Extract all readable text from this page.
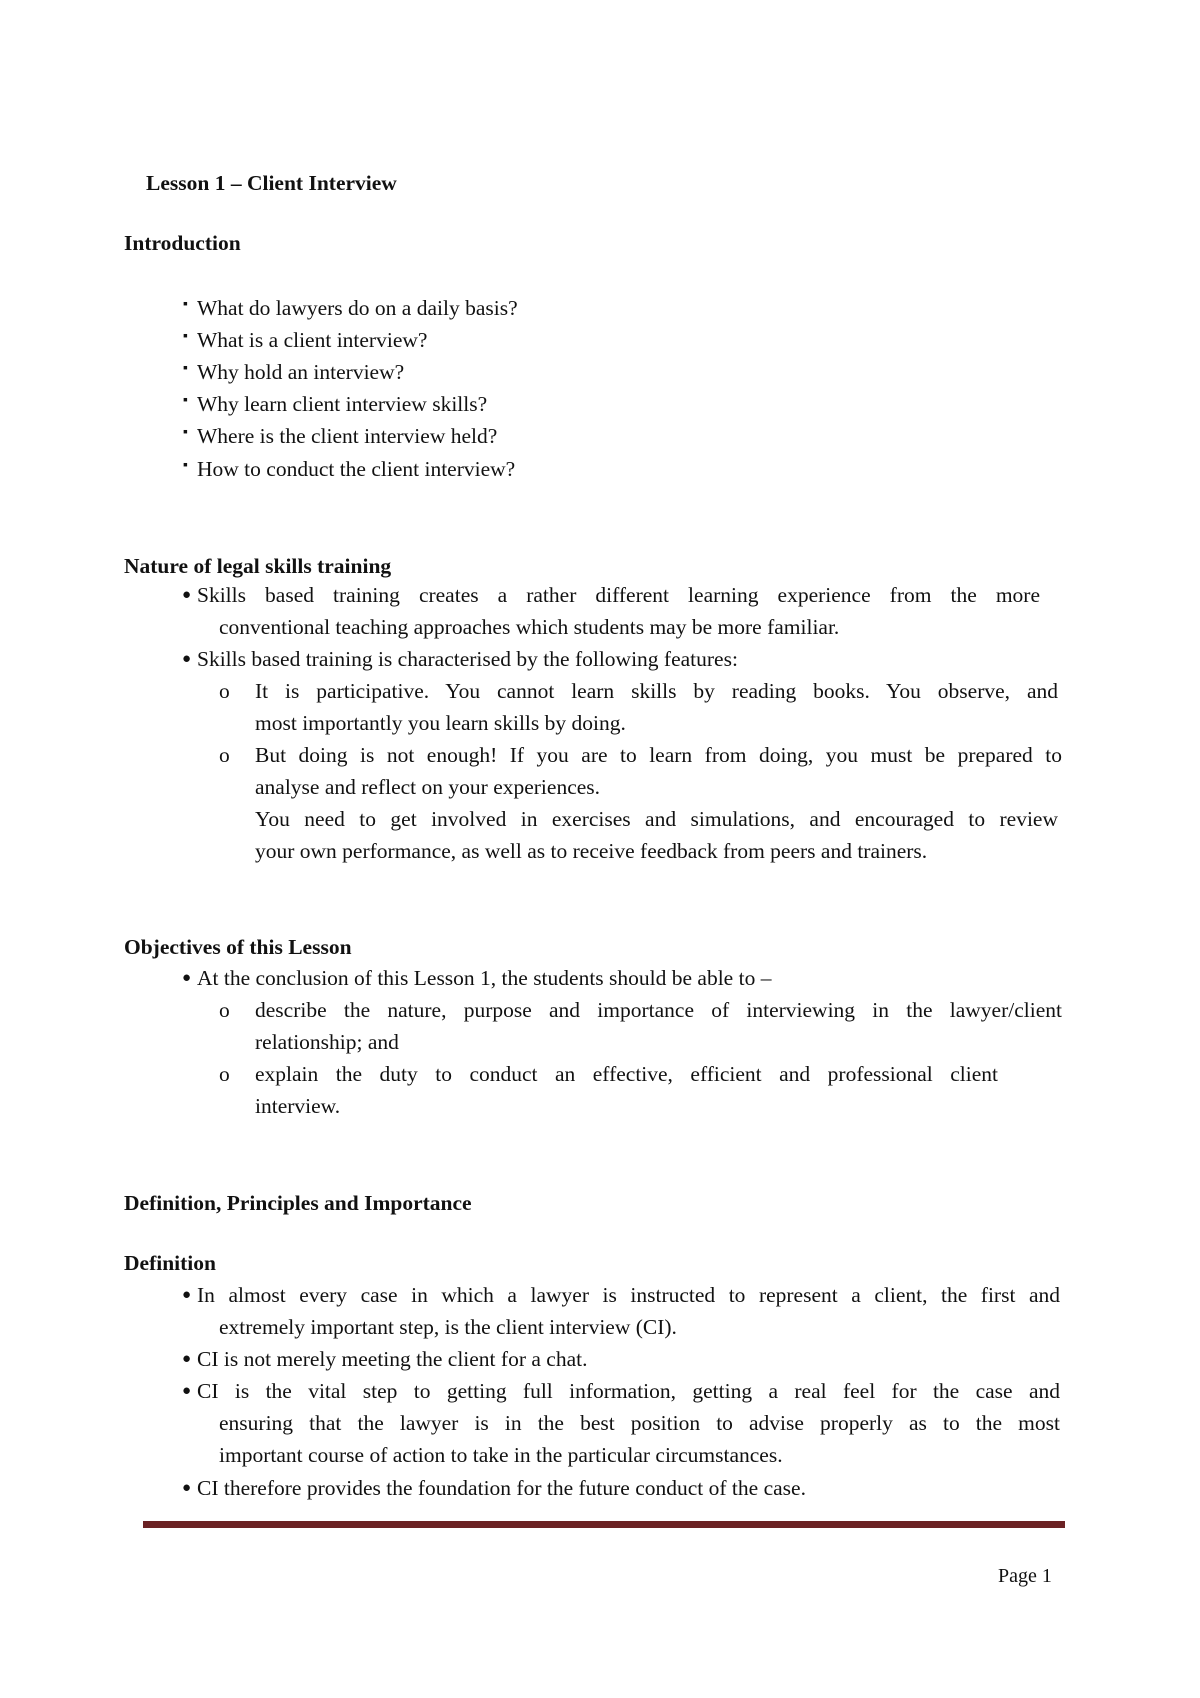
Lesson 1 – Client Interview
Introduction
▪ What do lawyers do on a daily basis?
▪ What is a client interview?
▪ Why hold an interview?
▪ Why learn client interview skills?
▪ Where is the client interview held?
▪ How to conduct the client interview?
Nature of legal skills training
● Skills based training creates a rather different learning experience from the more
conventional teaching approaches which students may be more familiar.
● Skills based training is characterised by the following features:
o It is participative. You cannot learn skills by reading books. You observe, and
most importantly you learn skills by doing.
o But doing is not enough! If you are to learn from doing, you must be prepared to
analyse and reflect on your experiences.
You need to get involved in exercises and simulations, and encouraged to review
your own performance, as well as to receive feedback from peers and trainers.
Objectives of this Lesson
● At the conclusion of this Lesson 1, the students should be able to –
o describe the nature, purpose and importance of interviewing in the lawyer/client
relationship; and
o explain the duty to conduct an effective, efficient and professional client
interview.
Definition, Principles and Importance
Definition
● In almost every case in which a lawyer is instructed to represent a client, the first and
extremely important step, is the client interview (CI).
● CI is not merely meeting the client for a chat.
● CI is the vital step to getting full information, getting a real feel for the case and
ensuring that the lawyer is in the best position to advise properly as to the most
important course of action to take in the particular circumstances.
● CI therefore provides the foundation for the future conduct of the case.
Page 1
